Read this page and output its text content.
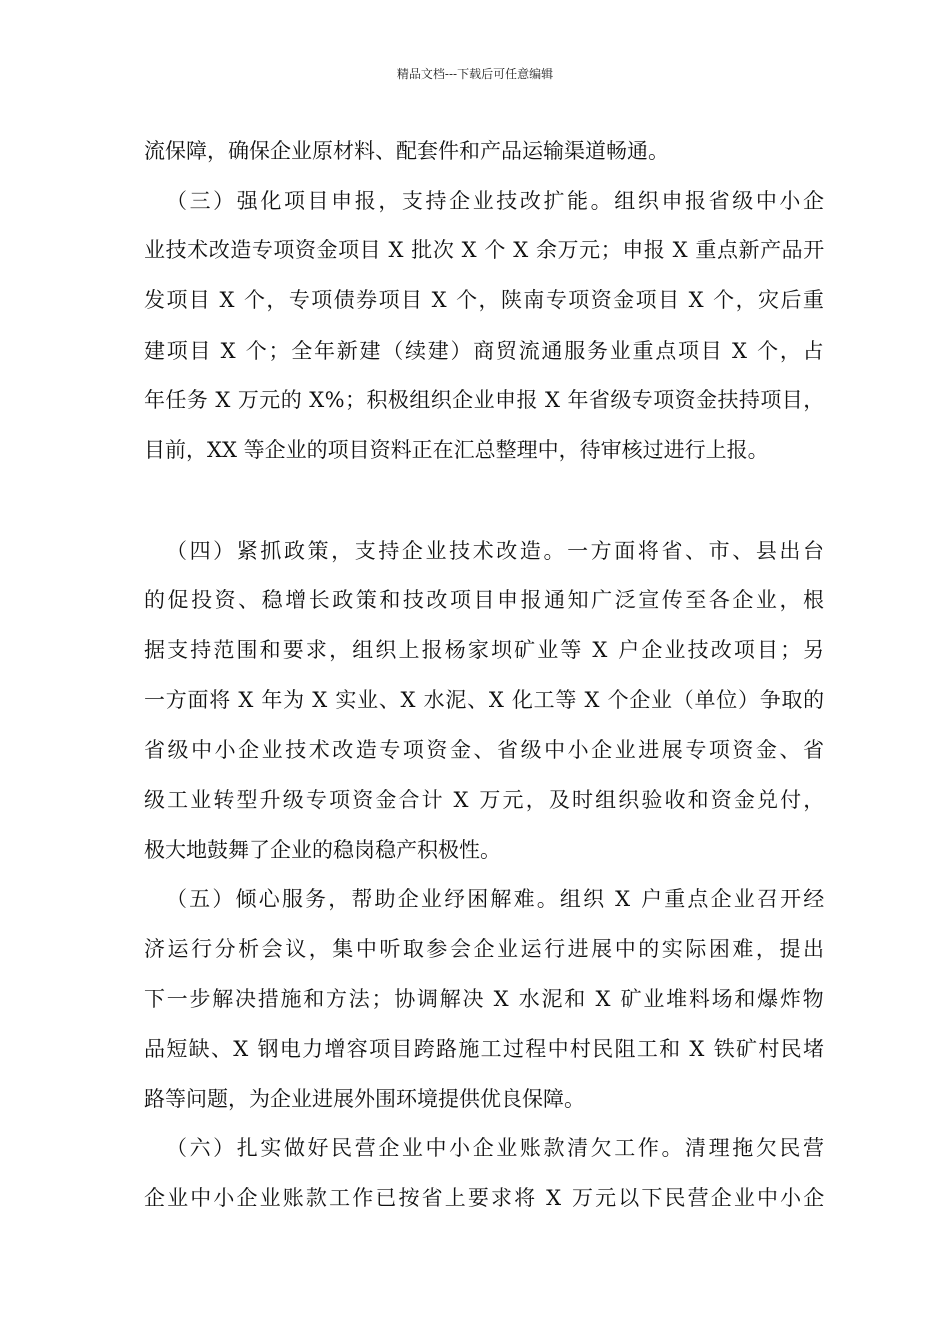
精品文档---下载后可任意编辑
流保障，确保企业原材料、配套件和产品运输渠道畅通。
（三）强化项目申报，支持企业技改扩能。组织申报省级中小企
业技术改造专项资金项目 X 批次 X 个 X 余万元；申报 X 重点新产品开
发项目 X 个，专项债券项目 X 个，陕南专项资金项目 X 个，灾后重
建项目 X 个；全年新建（续建）商贸流通服务业重点项目 X 个，占
年任务 X 万元的 X%；积极组织企业申报 X 年省级专项资金扶持项目，
目前，XX 等企业的项目资料正在汇总整理中，待审核过进行上报。
（四）紧抓政策，支持企业技术改造。一方面将省、市、县出台
的促投资、稳增长政策和技改项目申报通知广泛宣传至各企业，根
据支持范围和要求，组织上报杨家坝矿业等 X 户企业技改项目；另
一方面将 X 年为 X 实业、X 水泥、X 化工等 X 个企业（单位）争取的
省级中小企业技术改造专项资金、省级中小企业进展专项资金、省
级工业转型升级专项资金合计 X 万元，及时组织验收和资金兑付，
极大地鼓舞了企业的稳岗稳产积极性。
（五）倾心服务，帮助企业纾困解难。组织 X 户重点企业召开经
济运行分析会议，集中听取参会企业运行进展中的实际困难，提出
下一步解决措施和方法；协调解决 X 水泥和 X 矿业堆料场和爆炸物
品短缺、X 钢电力增容项目跨路施工过程中村民阻工和 X 铁矿村民堵
路等问题，为企业进展外围环境提供优良保障。
（六）扎实做好民营企业中小企业账款清欠工作。清理拖欠民营
企业中小企业账款工作已按省上要求将 X 万元以下民营企业中小企
